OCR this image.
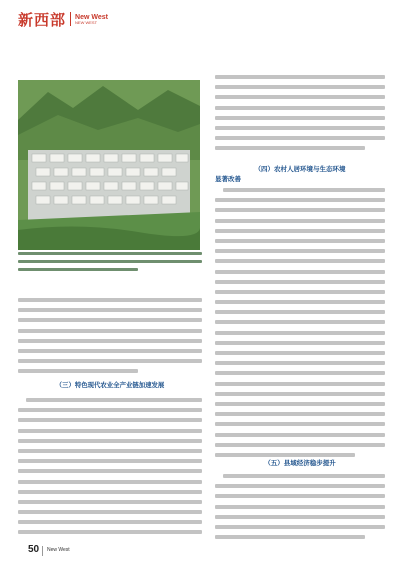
新西部 New West
NEW WEST
（三）特色现代农业全产业链加速发展
（四）农村人居环境与生态环境
显著改善
（五）县域经济稳步提升
50 New West
